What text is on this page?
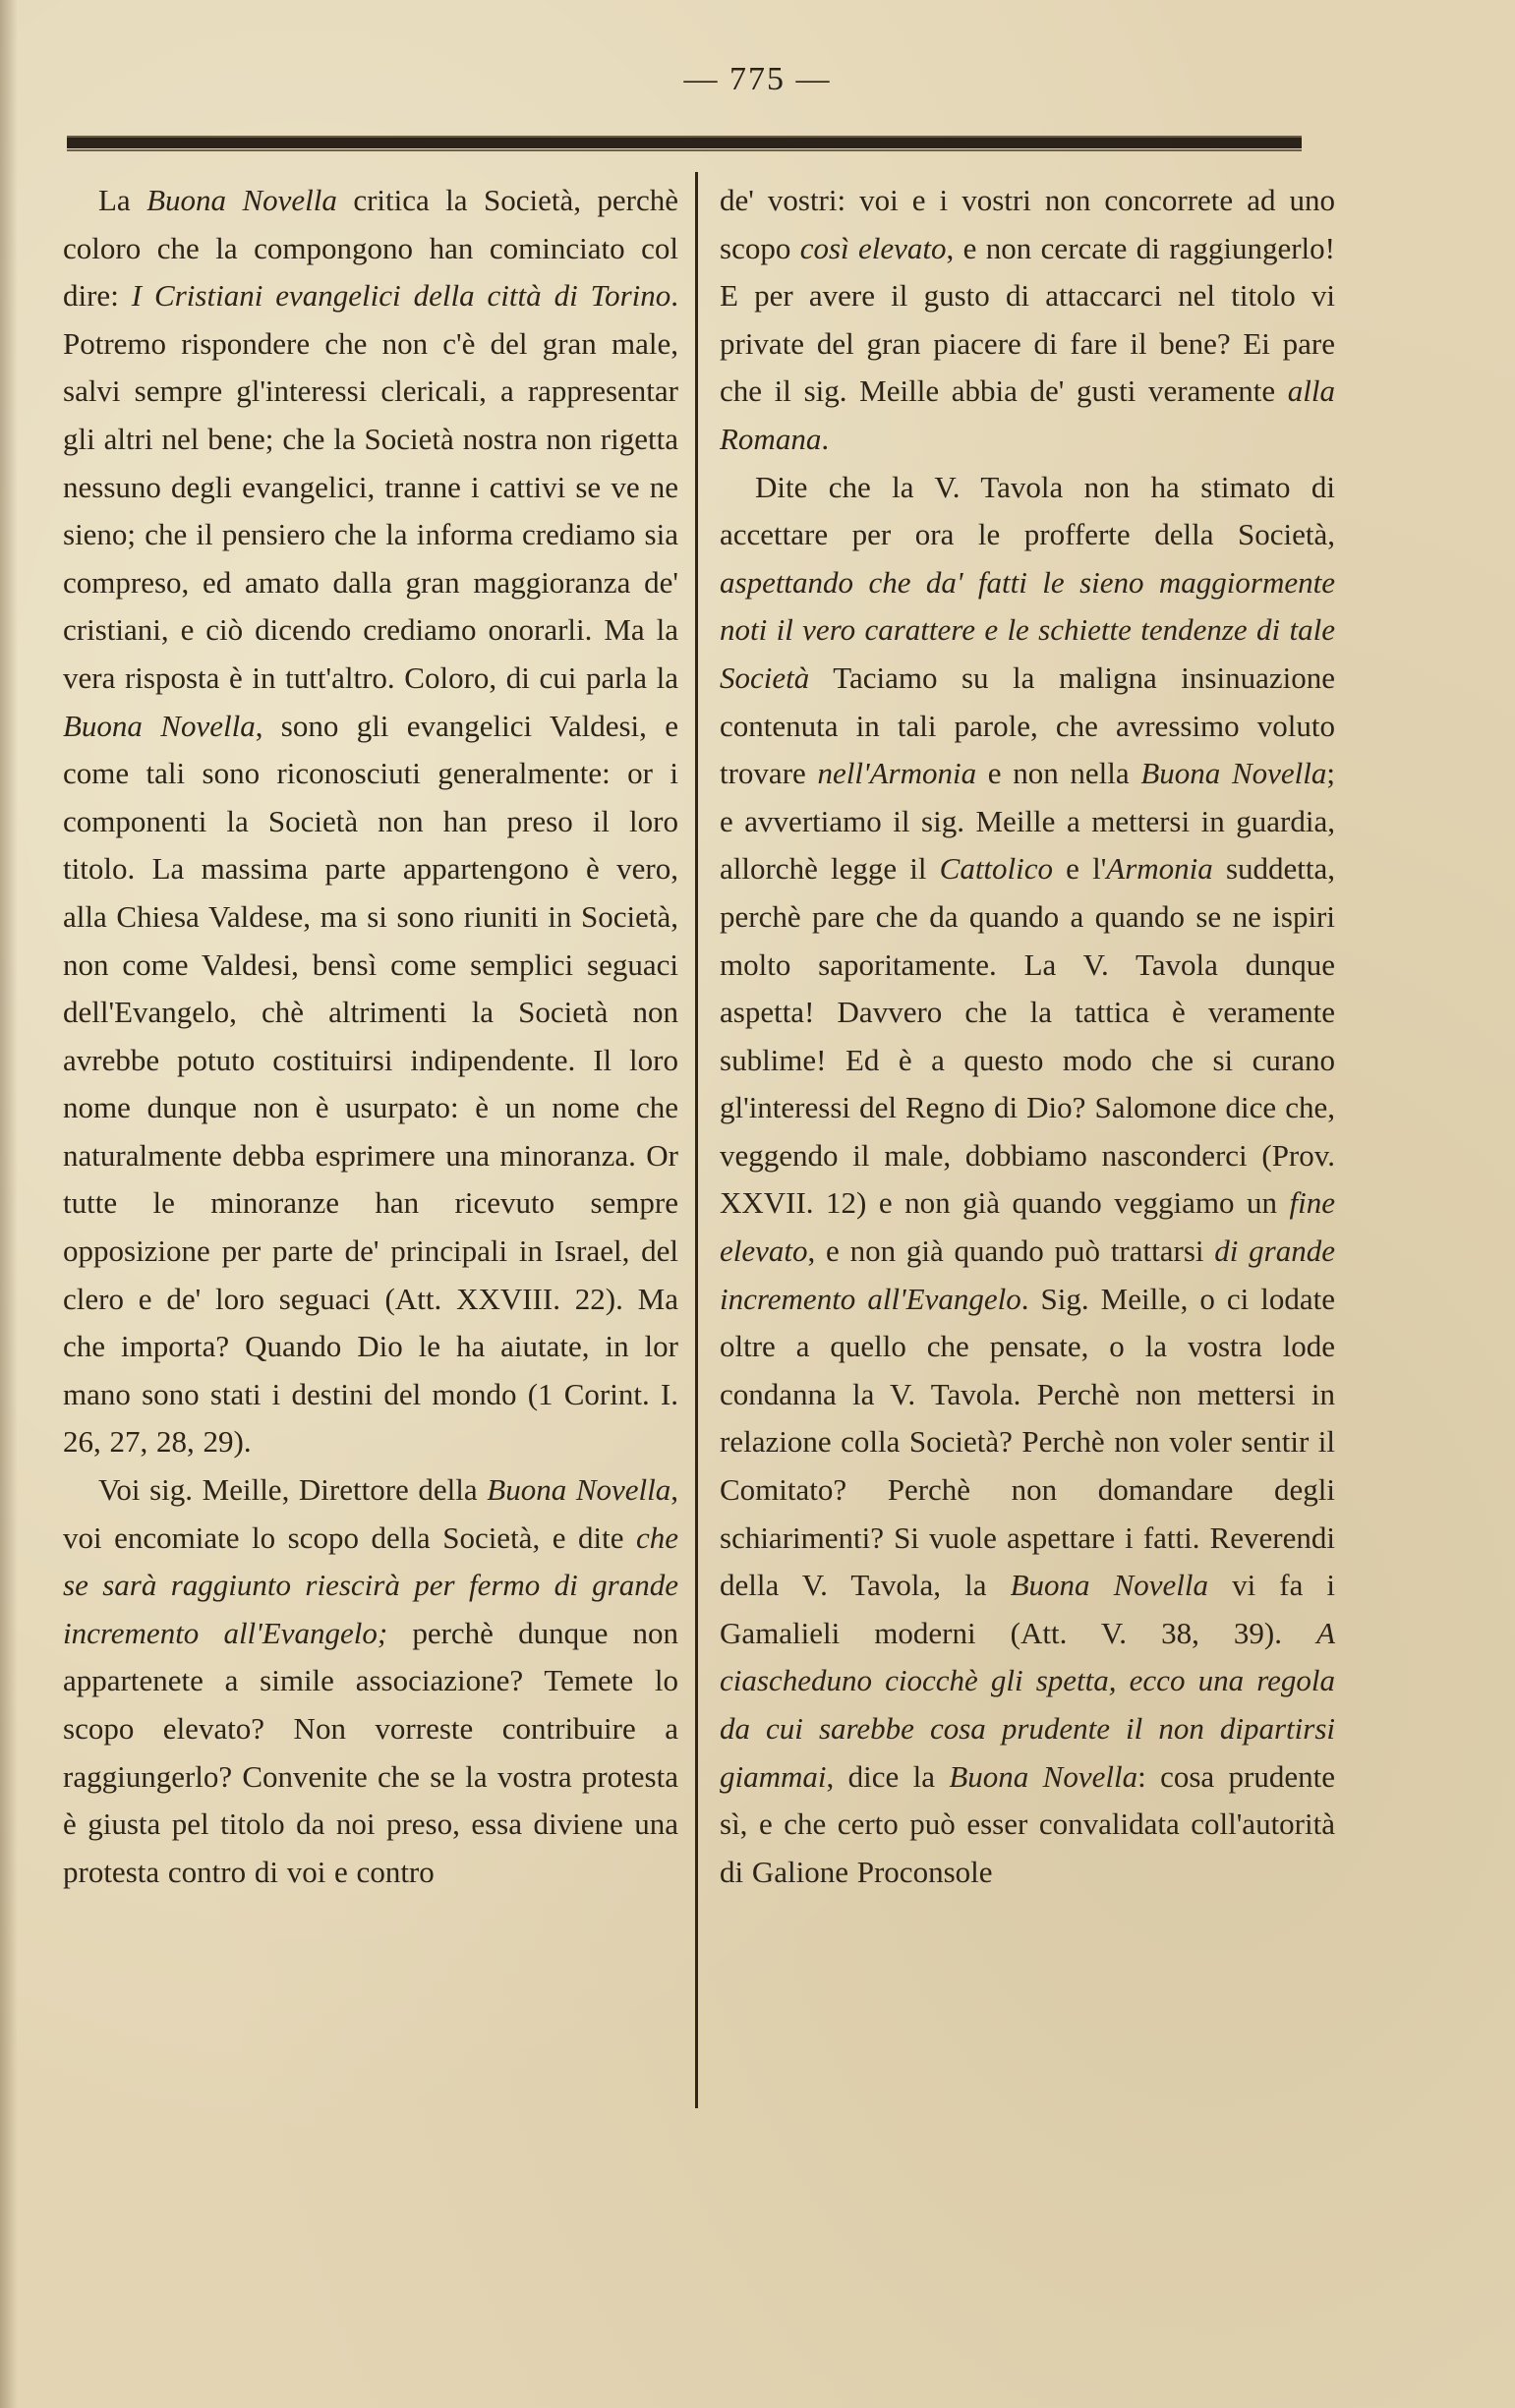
— 775 —

La Buona Novella critica la Società, perchè coloro che la compongono han cominciato col dire: I Cristiani evangelici della città di Torino. Potremo rispondere che non c'è del gran male, salvi sempre gl'interessi clericali, a rappresentar gli altri nel bene; che la Società nostra non rigetta nessuno degli evangelici, tranne i cattivi se ve ne sieno; che il pensiero che la informa crediamo sia compreso, ed amato dalla gran maggioranza de' cristiani, e ciò dicendo crediamo onorarli. Ma la vera risposta è in tutt'altro. Coloro, di cui parla la Buona Novella, sono gli evangelici Valdesi, e come tali sono riconosciuti generalmente: or i componenti la Società non han preso il loro titolo. La massima parte appartengono è vero, alla Chiesa Valdese, ma si sono riuniti in Società, non come Valdesi, bensì come semplici seguaci dell'Evangelo, chè altrimenti la Società non avrebbe potuto costituirsi indipendente. Il loro nome dunque non è usurpato: è un nome che naturalmente debba esprimere una minoranza. Or tutte le minoranze han ricevuto sempre opposizione per parte de' principali in Israel, del clero e de' loro seguaci (Att. XXVIII. 22). Ma che importa? Quando Dio le ha aiutate, in lor mano sono stati i destini del mondo (1 Corint. I. 26, 27, 28, 29).

Voi sig. Meille, Direttore della Buona Novella, voi encomiate lo scopo della Società, e dite che se sarà raggiunto riescirà per fermo di grande incremento all'Evangelo; perchè dunque non appartenete a simile associazione? Temete lo scopo elevato? Non vorreste contribuire a raggiungerlo? Convenite che se la vostra protesta è giusta pel titolo da noi preso, essa diviene una protesta contro di voi e contro

de' vostri: voi e i vostri non concorrete ad uno scopo così elevato, e non cercate di raggiungerlo! E per avere il gusto di attaccarci nel titolo vi private del gran piacere di fare il bene? Ei pare che il sig. Meille abbia de' gusti veramente alla Romana.

Dite che la V. Tavola non ha stimato di accettare per ora le profferte della Società, aspettando che da' fatti le sieno maggiormente noti il vero carattere e le schiette tendenze di tale Società Taciamo su la maligna insinuazione contenuta in tali parole, che avressimo voluto trovare nell'Armonia e non nella Buona Novella; e avvertiamo il sig. Meille a mettersi in guardia, allorchè legge il Cattolico e l'Armonia suddetta, perchè pare che da quando a quando se ne ispiri molto saporitamente. La V. Tavola dunque aspetta! Davvero che la tattica è veramente sublime! Ed è a questo modo che si curano gl'interessi del Regno di Dio? Salomone dice che, veggendo il male, dobbiamo nasconderci (Prov. XXVII. 12) e non già quando veggiamo un fine elevato, e non già quando può trattarsi di grande incremento all'Evangelo. Sig. Meille, o ci lodate oltre a quello che pensate, o la vostra lode condanna la V. Tavola. Perchè non mettersi in relazione colla Società? Perchè non voler sentir il Comitato? Perchè non domandare degli schiarimenti? Si vuole aspettare i fatti. Reverendi della V. Tavola, la Buona Novella vi fa i Gamalieli moderni (Att. V. 38, 39). A ciascheduno ciocchè gli spetta, ecco una regola da cui sarebbe cosa prudente il non dipartirsi giammai, dice la Buona Novella: cosa prudente sì, e che certo può esser convalidata coll'autorità di Galione Proconsole
